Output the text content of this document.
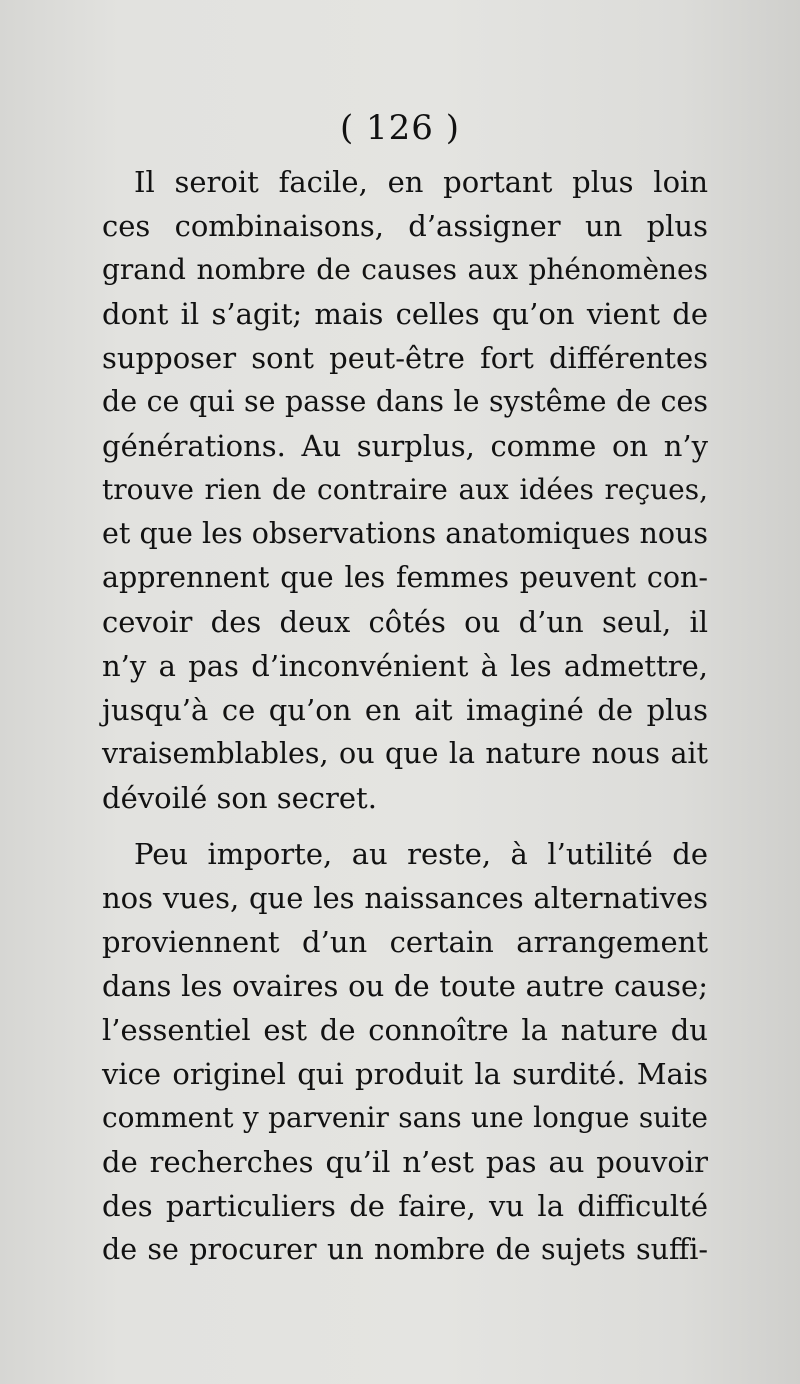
( 126 )
Il seroit facile, en portant plus loin
ces combinaisons, d’assigner un plus
grand nombre de causes aux phénomènes
dont il s’agit; mais celles qu’on vient de
supposer sont peut-être fort différentes
de ce qui se passe dans le systême de ces
générations. Au surplus, comme on n’y
trouve rien de contraire aux idées reçues,
et que les observations anatomiques nous
apprennent que les femmes peuvent con-
cevoir des deux côtés ou d’un seul, il
n’y a pas d’inconvénient à les admettre,
jusqu’à ce qu’on en ait imaginé de plus
vraisemblables, ou que la nature nous ait
dévoilé son secret.
Peu importe, au reste, à l’utilité de
nos vues, que les naissances alternatives
proviennent d’un certain arrangement
dans les ovaires ou de toute autre cause;
l’essentiel est de connoître la nature du
vice originel qui produit la surdité. Mais
comment y parvenir sans une longue suite
de recherches qu’il n’est pas au pouvoir
des particuliers de faire, vu la difficulté
de se procurer un nombre de sujets suffi-
